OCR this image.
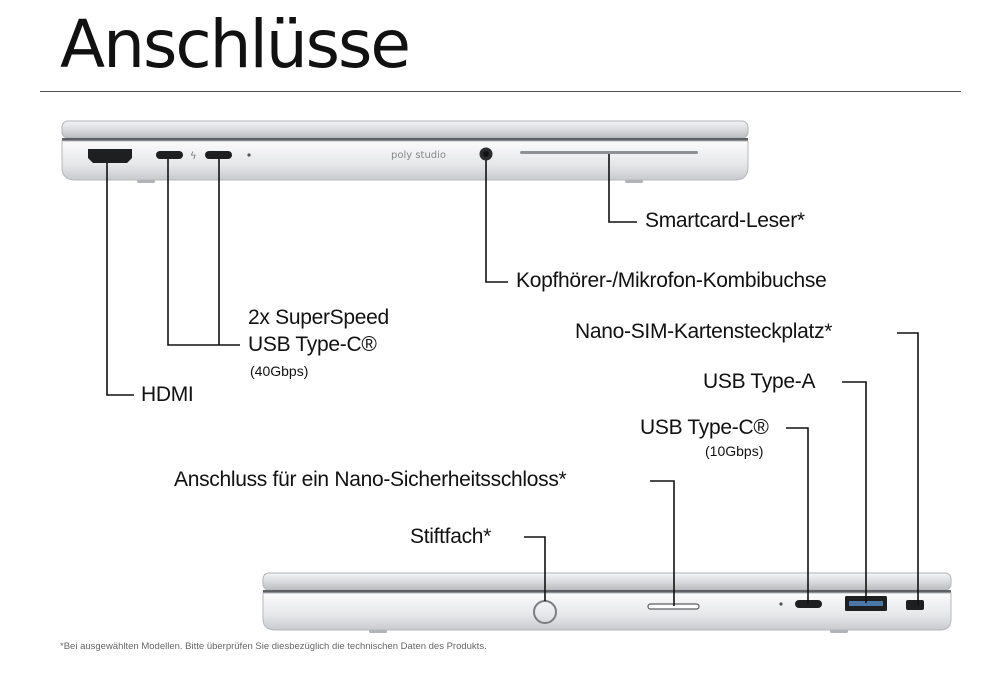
Anschlüsse
ϟ	poly studio
Smartcard-Leser*
Kopfhörer-/Mikrofon-Kombibuchse
2x SuperSpeed
USB Type-C®
(40Gbps)
HDMI
Nano-SIM-Kartensteckplatz*
USB Type-A
USB Type-C®
(10Gbps)
Anschluss für ein Nano-Sicherheitsschloss*
Stiftfach*
*Bei ausgewählten Modellen. Bitte überprüfen Sie diesbezüglich die technischen Daten des Produkts.
